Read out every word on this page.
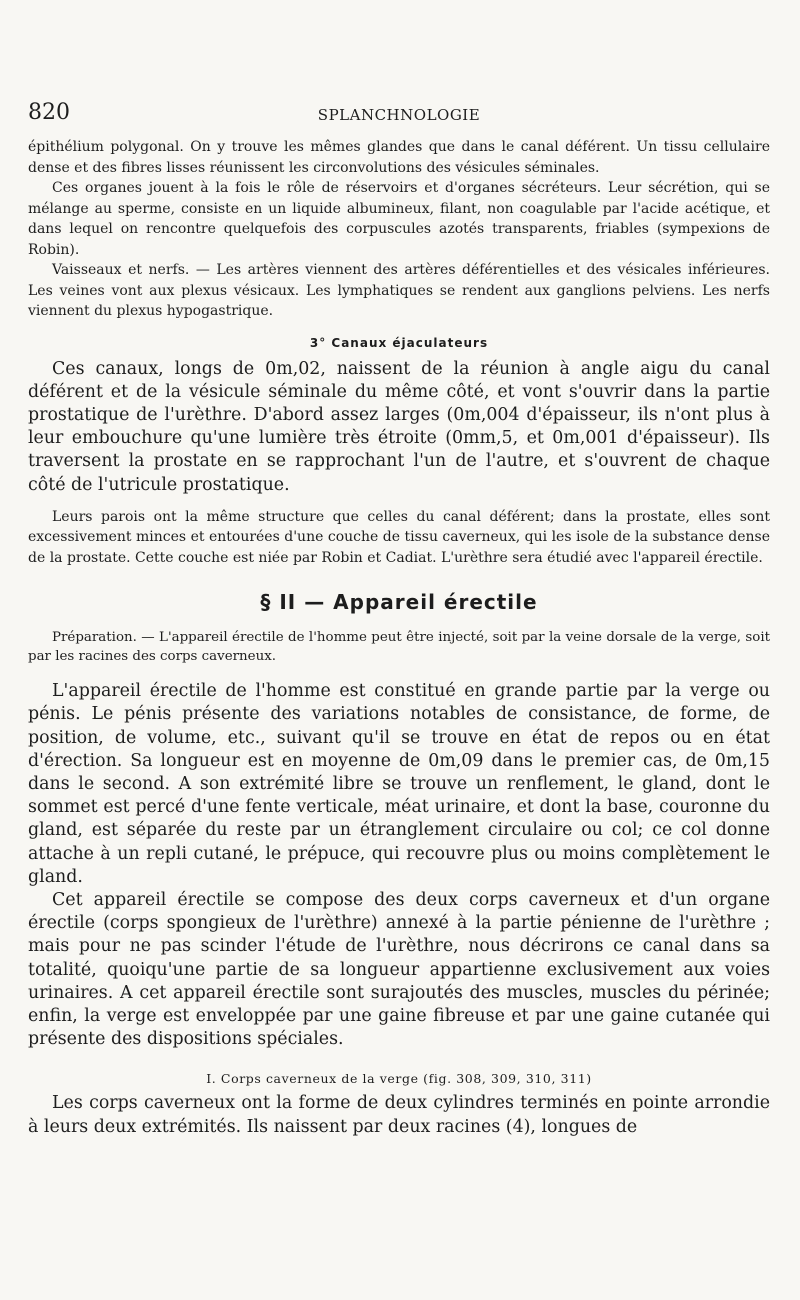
820	SPLANCHNOLOGIE

épithélium polygonal. On y trouve les mêmes glandes que dans le canal déférent. Un tissu cellulaire dense et des fibres lisses réunissent les circonvolutions des vésicules séminales.

Ces organes jouent à la fois le rôle de réservoirs et d'organes sécréteurs. Leur sécrétion, qui se mélange au sperme, consiste en un liquide albumineux, filant, non coagulable par l'acide acétique, et dans lequel on rencontre quelquefois des corpuscules azotés transparents, friables (sympexions de Robin).

Vaisseaux et nerfs. — Les artères viennent des artères déférentielles et des vésicales inférieures. Les veines vont aux plexus vésicaux. Les lymphatiques se rendent aux ganglions pelviens. Les nerfs viennent du plexus hypogastrique.

3° Canaux éjaculateurs

Ces canaux, longs de 0m,02, naissent de la réunion à angle aigu du canal déférent et de la vésicule séminale du même côté, et vont s'ouvrir dans la partie prostatique de l'urèthre. D'abord assez larges (0m,004 d'épaisseur, ils n'ont plus à leur embouchure qu'une lumière très étroite (0mm,5, et 0m,001 d'épaisseur). Ils traversent la prostate en se rapprochant l'un de l'autre, et s'ouvrent de chaque côté de l'utricule prostatique.

Leurs parois ont la même structure que celles du canal déférent; dans la prostate, elles sont excessivement minces et entourées d'une couche de tissu caverneux, qui les isole de la substance dense de la prostate. Cette couche est niée par Robin et Cadiat. L'urèthre sera étudié avec l'appareil érectile.

§ II — Appareil érectile

Préparation. — L'appareil érectile de l'homme peut être injecté, soit par la veine dorsale de la verge, soit par les racines des corps caverneux.

L'appareil érectile de l'homme est constitué en grande partie par la verge ou pénis. Le pénis présente des variations notables de consistance, de forme, de position, de volume, etc., suivant qu'il se trouve en état de repos ou en état d'érection. Sa longueur est en moyenne de 0m,09 dans le premier cas, de 0m,15 dans le second. A son extrémité libre se trouve un renflement, le gland, dont le sommet est percé d'une fente verticale, méat urinaire, et dont la base, couronne du gland, est séparée du reste par un étranglement circulaire ou col; ce col donne attache à un repli cutané, le prépuce, qui recouvre plus ou moins complètement le gland.

Cet appareil érectile se compose des deux corps caverneux et d'un organe érectile (corps spongieux de l'urèthre) annexé à la partie pénienne de l'urèthre ; mais pour ne pas scinder l'étude de l'urèthre, nous décrirons ce canal dans sa totalité, quoiqu'une partie de sa longueur appartienne exclusivement aux voies urinaires. A cet appareil érectile sont surajoutés des muscles, muscles du périnée; enfin, la verge est enveloppée par une gaine fibreuse et par une gaine cutanée qui présente des dispositions spéciales.

I. Corps caverneux de la verge (fig. 308, 309, 310, 311)

Les corps caverneux ont la forme de deux cylindres terminés en pointe arrondie à leurs deux extrémités. Ils naissent par deux racines (4), longues de
